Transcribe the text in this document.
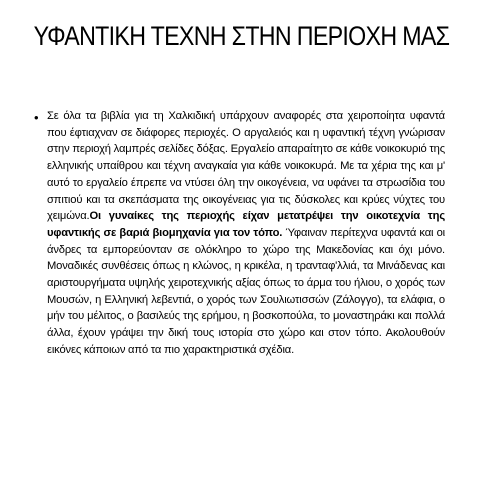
ΥΦΑΝΤΙΚΗ ΤΕΧΝΗ ΣΤΗΝ ΠΕΡΙΟΧΗ ΜΑΣ
• Σε όλα τα βιβλία για τη Χαλκιδική υπάρχουν αναφορές στα χειροποίητα υφαντά που έφτιαχναν σε διάφορες περιοχές. Ο αργαλειός και η υφαντική τέχνη γνώρισαν στην περιοχή λαμπρές σελίδες δόξας. Εργαλείο απαραίτητο σε κάθε νοικοκυριό της ελληνικής υπαίθρου και τέχνη αναγκαία για κάθε νοικοκυρά. Με τα χέρια της και μ' αυτό το εργαλείο έπρεπε να ντύσει όλη την οικογένεια, να υφάνει τα στρωσίδια του σπιτιού και τα σκεπάσματα της οικογένειας για τις δύσκολες και κρύες νύχτες του χειμώνα.Οι γυναίκες της περιοχής είχαν μετατρέψει την οικοτεχνία της υφαντικής σε βαριά βιομηχανία για τον τόπο. Ύφαιναν περίτεχνα υφαντά και οι άνδρες τα εμπορεύονταν σε ολόκληρο το χώρο της Μακεδονίας και όχι μόνο. Μοναδικές συνθέσεις όπως η κλώνος, η κρικέλα, η τρανταφ'λλιά, τα Μινάδενας και αριστουργήματα υψηλής χειροτεχνικής αξίας όπως το άρμα του ήλιου, ο χορός των Μουσών, η Ελληνική λεβεντιά, ο χορός των Σουλιωτισσών (Ζάλογγο), τα ελάφια, ο μήν του μέλιτος, ο βασιλεύς της ερήμου, η βοσκοπούλα, το μοναστηράκι και πολλά άλλα, έχουν γράψει την δική τους ιστορία στο χώρο και στον τόπο. Ακολουθούν εικόνες κάποιων από τα πιο χαρακτηριστικά σχέδια.
